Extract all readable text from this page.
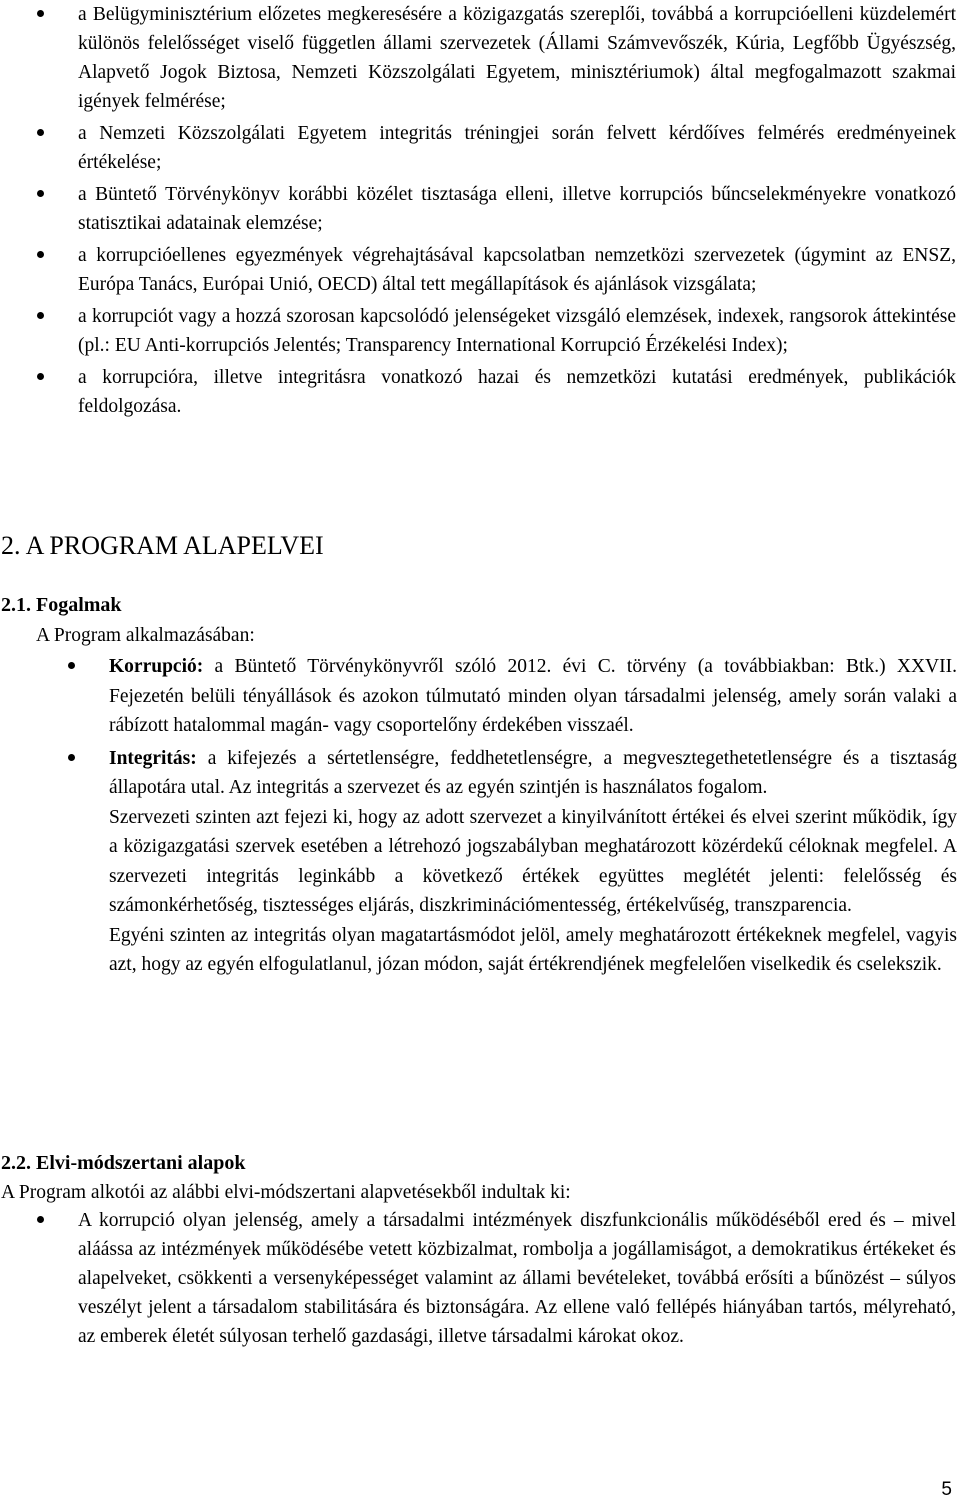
a Belügyminisztérium előzetes megkeresésére a közigazgatás szereplői, továbbá a korrupcióelleni küzdelemért különös felelősséget viselő független állami szervezetek (Állami Számvevőszék, Kúria, Legfőbb Ügyészség, Alapvető Jogok Biztosa, Nemzeti Közszolgálati Egyetem, minisztériumok) által megfogalmazott szakmai igények felmérése;
a Nemzeti Közszolgálati Egyetem integritás tréningjei során felvett kérdőíves felmérés eredményeinek értékelése;
a Büntető Törvénykönyv korábbi közélet tisztasága elleni, illetve korrupciós bűncselekményekre vonatkozó statisztikai adatainak elemzése;
a korrupcióellenes egyezmények végrehajtásával kapcsolatban nemzetközi szervezetek (úgymint az ENSZ, Európa Tanács, Európai Unió, OECD) által tett megállapítások és ajánlások vizsgálata;
a korrupciót vagy a hozzá szorosan kapcsolódó jelenségeket vizsgáló elemzések, indexek, rangsorok áttekintése (pl.: EU Anti-korrupciós Jelentés; Transparency International Korrupció Érzékelési Index);
a korrupcióra, illetve integritásra vonatkozó hazai és nemzetközi kutatási eredmények, publikációk feldolgozása.
2. A PROGRAM ALAPELVEI
2.1. Fogalmak
A Program alkalmazásában:
Korrupció: a Büntető Törvénykönyvről szóló 2012. évi C. törvény (a továbbiakban: Btk.) XXVII. Fejezetén belüli tényállások és azokon túlmutató minden olyan társadalmi jelenség, amely során valaki a rábízott hatalommal magán- vagy csoportelőny érdekében visszaél.
Integritás: a kifejezés a sértetlenségre, feddhetetlenségre, a megvesztegethetetlenségre és a tisztaság állapotára utal. Az integritás a szervezet és az egyén szintjén is használatos fogalom.
Szervezeti szinten azt fejezi ki, hogy az adott szervezet a kinyilvánított értékei és elvei szerint működik, így a közigazgatási szervek esetében a létrehozó jogszabályban meghatározott közérdekű céloknak megfelel. A szervezeti integritás leginkább a következő értékek együttes meglétét jelenti: felelősség és számonkérhetőség, tisztességes eljárás, diszkriminációmentesség, értékelvűség, transzparencia.
Egyéni szinten az integritás olyan magatartásmódot jelöl, amely meghatározott értékeknek megfelel, vagyis azt, hogy az egyén elfogulatlanul, józan módon, saját értékrendjének megfelelően viselkedik és cselekszik.
2.2. Elvi-módszertani alapok
A Program alkotói az alábbi elvi-módszertani alapvetésekből indultak ki:
A korrupció olyan jelenség, amely a társadalmi intézmények diszfunkcionális működéséből ered és – mivel aláássa az intézmények működésébe vetett közbizalmat, rombolja a jogállamiságot, a demokratikus értékeket és alapelveket, csökkenti a versenyképességet valamint az állami bevételeket, továbbá erősíti a bűnözést – súlyos veszélyt jelent a társadalom stabilitására és biztonságára. Az ellene való fellépés hiányában tartós, mélyreható, az emberek életét súlyosan terhelő gazdasági, illetve társadalmi károkat okoz.
5
